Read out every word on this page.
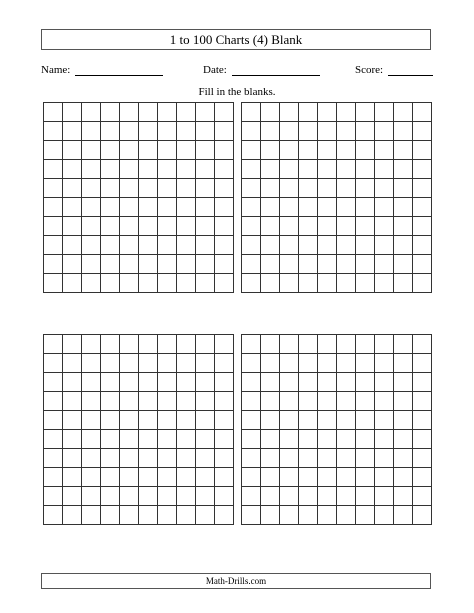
1 to 100 Charts (4) Blank
Name:	Date:	Score:
Fill in the blanks.

Math-Drills.com
